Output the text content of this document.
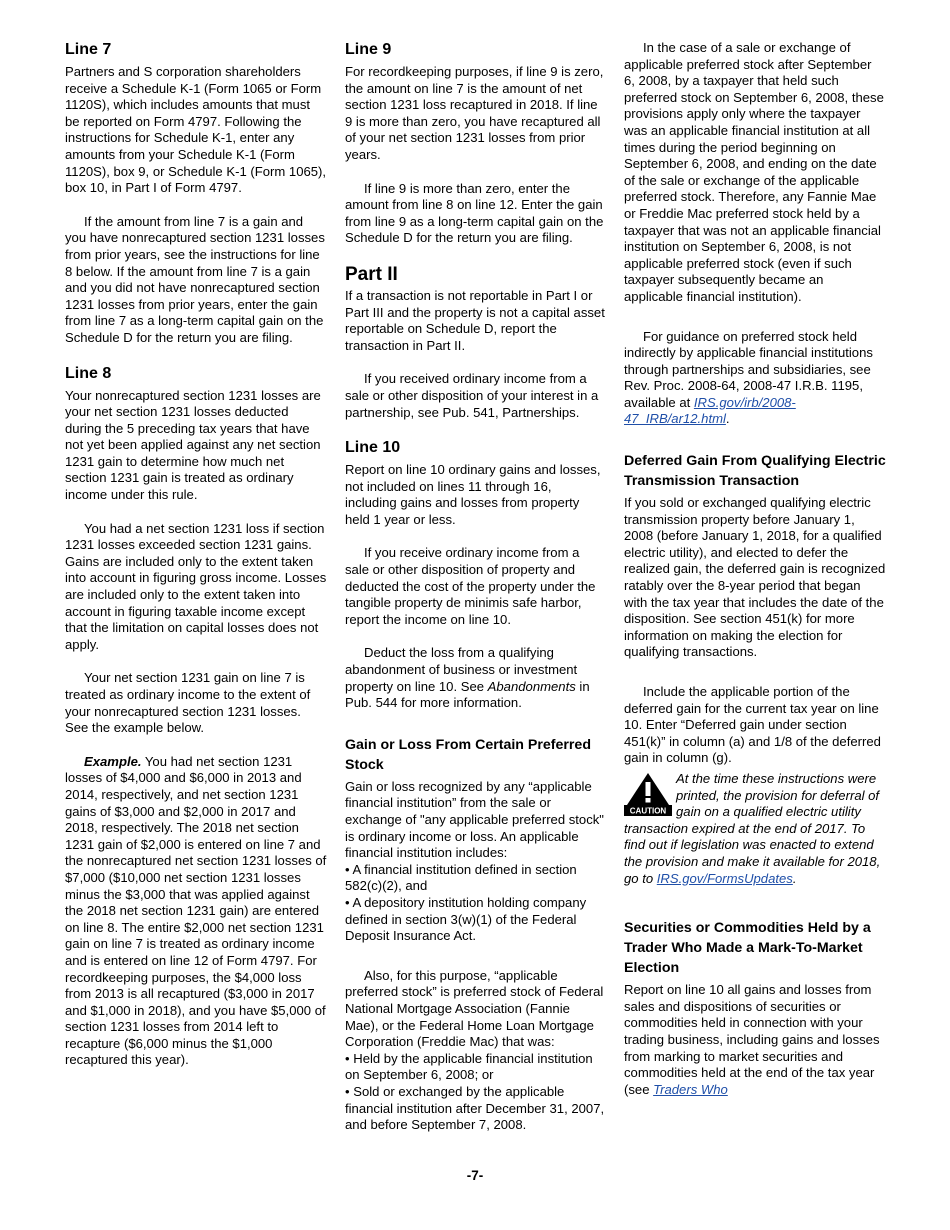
Line 7

Partners and S corporation shareholders receive a Schedule K-1 (Form 1065 or Form 1120S), which includes amounts that must be reported on Form 4797. Following the instructions for Schedule K-1, enter any amounts from your Schedule K-1 (Form 1120S), box 9, or Schedule K-1 (Form 1065), box 10, in Part I of Form 4797.

If the amount from line 7 is a gain and you have nonrecaptured section 1231 losses from prior years, see the instructions for line 8 below. If the amount from line 7 is a gain and you did not have nonrecaptured section 1231 losses from prior years, enter the gain from line 7 as a long-term capital gain on the Schedule D for the return you are filing.

Line 8

Your nonrecaptured section 1231 losses are your net section 1231 losses deducted during the 5 preceding tax years that have not yet been applied against any net section 1231 gain to determine how much net section 1231 gain is treated as ordinary income under this rule.

You had a net section 1231 loss if section 1231 losses exceeded section 1231 gains. Gains are included only to the extent taken into account in figuring gross income. Losses are included only to the extent taken into account in figuring taxable income except that the limitation on capital losses does not apply.

Your net section 1231 gain on line 7 is treated as ordinary income to the extent of your nonrecaptured section 1231 losses. See the example below.

Example. You had net section 1231 losses of $4,000 and $6,000 in 2013 and 2014, respectively, and net section 1231 gains of $3,000 and $2,000 in 2017 and 2018, respectively. The 2018 net section 1231 gain of $2,000 is entered on line 7 and the nonrecaptured net section 1231 losses of $7,000 ($10,000 net section 1231 losses minus the $3,000 that was applied against the 2018 net section 1231 gain) are entered on line 8. The entire $2,000 net section 1231 gain on line 7 is treated as ordinary income and is entered on line 12 of Form 4797. For recordkeeping purposes, the $4,000 loss from 2013 is all recaptured ($3,000 in 2017 and $1,000 in 2018), and you have $5,000 of section 1231 losses from 2014 left to recapture ($6,000 minus the $1,000 recaptured this year).

Line 9

For recordkeeping purposes, if line 9 is zero, the amount on line 7 is the amount of net section 1231 loss recaptured in 2018. If line 9 is more than zero, you have recaptured all of your net section 1231 losses from prior years.

If line 9 is more than zero, enter the amount from line 8 on line 12. Enter the gain from line 9 as a long-term capital gain on the Schedule D for the return you are filing.

Part II

If a transaction is not reportable in Part I or Part III and the property is not a capital asset reportable on Schedule D, report the transaction in Part II.

If you received ordinary income from a sale or other disposition of your interest in a partnership, see Pub. 541, Partnerships.

Line 10

Report on line 10 ordinary gains and losses, not included on lines 11 through 16, including gains and losses from property held 1 year or less.

If you receive ordinary income from a sale or other disposition of property and deducted the cost of the property under the tangible property de minimis safe harbor, report the income on line 10.

Deduct the loss from a qualifying abandonment of business or investment property on line 10. See Abandonments in Pub. 544 for more information.

Gain or Loss From Certain Preferred Stock

Gain or loss recognized by any “applicable financial institution” from the sale or exchange of "any applicable preferred stock" is ordinary income or loss. An applicable financial institution includes:

• A financial institution defined in section 582(c)(2), and

• A depository institution holding company defined in section 3(w)(1) of the Federal Deposit Insurance Act.

Also, for this purpose, “applicable preferred stock” is preferred stock of Federal National Mortgage Association (Fannie Mae), or the Federal Home Loan Mortgage Corporation (Freddie Mac) that was:

• Held by the applicable financial institution on September 6, 2008; or

• Sold or exchanged by the applicable financial institution after December 31, 2007, and before September 7, 2008.

In the case of a sale or exchange of applicable preferred stock after September 6, 2008, by a taxpayer that held such preferred stock on September 6, 2008, these provisions apply only where the taxpayer was an applicable financial institution at all times during the period beginning on September 6, 2008, and ending on the date of the sale or exchange of the applicable preferred stock. Therefore, any Fannie Mae or Freddie Mac preferred stock held by a taxpayer that was not an applicable financial institution on September 6, 2008, is not applicable preferred stock (even if such taxpayer subsequently became an applicable financial institution).

For guidance on preferred stock held indirectly by applicable financial institutions through partnerships and subsidiaries, see Rev. Proc. 2008-64, 2008-47 I.R.B. 1195, available at IRS.gov/irb/2008-47_IRB/ar12.html.

Deferred Gain From Qualifying Electric Transmission Transaction

If you sold or exchanged qualifying electric transmission property before January 1, 2008 (before January 1, 2018, for a qualified electric utility), and elected to defer the realized gain, the deferred gain is recognized ratably over the 8-year period that began with the tax year that includes the date of the disposition. See section 451(k) for more information on making the election for qualifying transactions.

Include the applicable portion of the deferred gain for the current tax year on line 10. Enter “Deferred gain under section 451(k)” in column (a) and 1/8 of the deferred gain in column (g).

CAUTION

At the time these instructions were printed, the provision for deferral of gain on a qualified electric utility transaction expired at the end of 2017. To find out if legislation was enacted to extend the provision and make it available for 2018, go to IRS.gov/FormsUpdates.

Securities or Commodities Held by a Trader Who Made a Mark-To-Market Election

Report on line 10 all gains and losses from sales and dispositions of securities or commodities held in connection with your trading business, including gains and losses from marking to market securities and commodities held at the end of the tax year (see Traders Who

-7-
